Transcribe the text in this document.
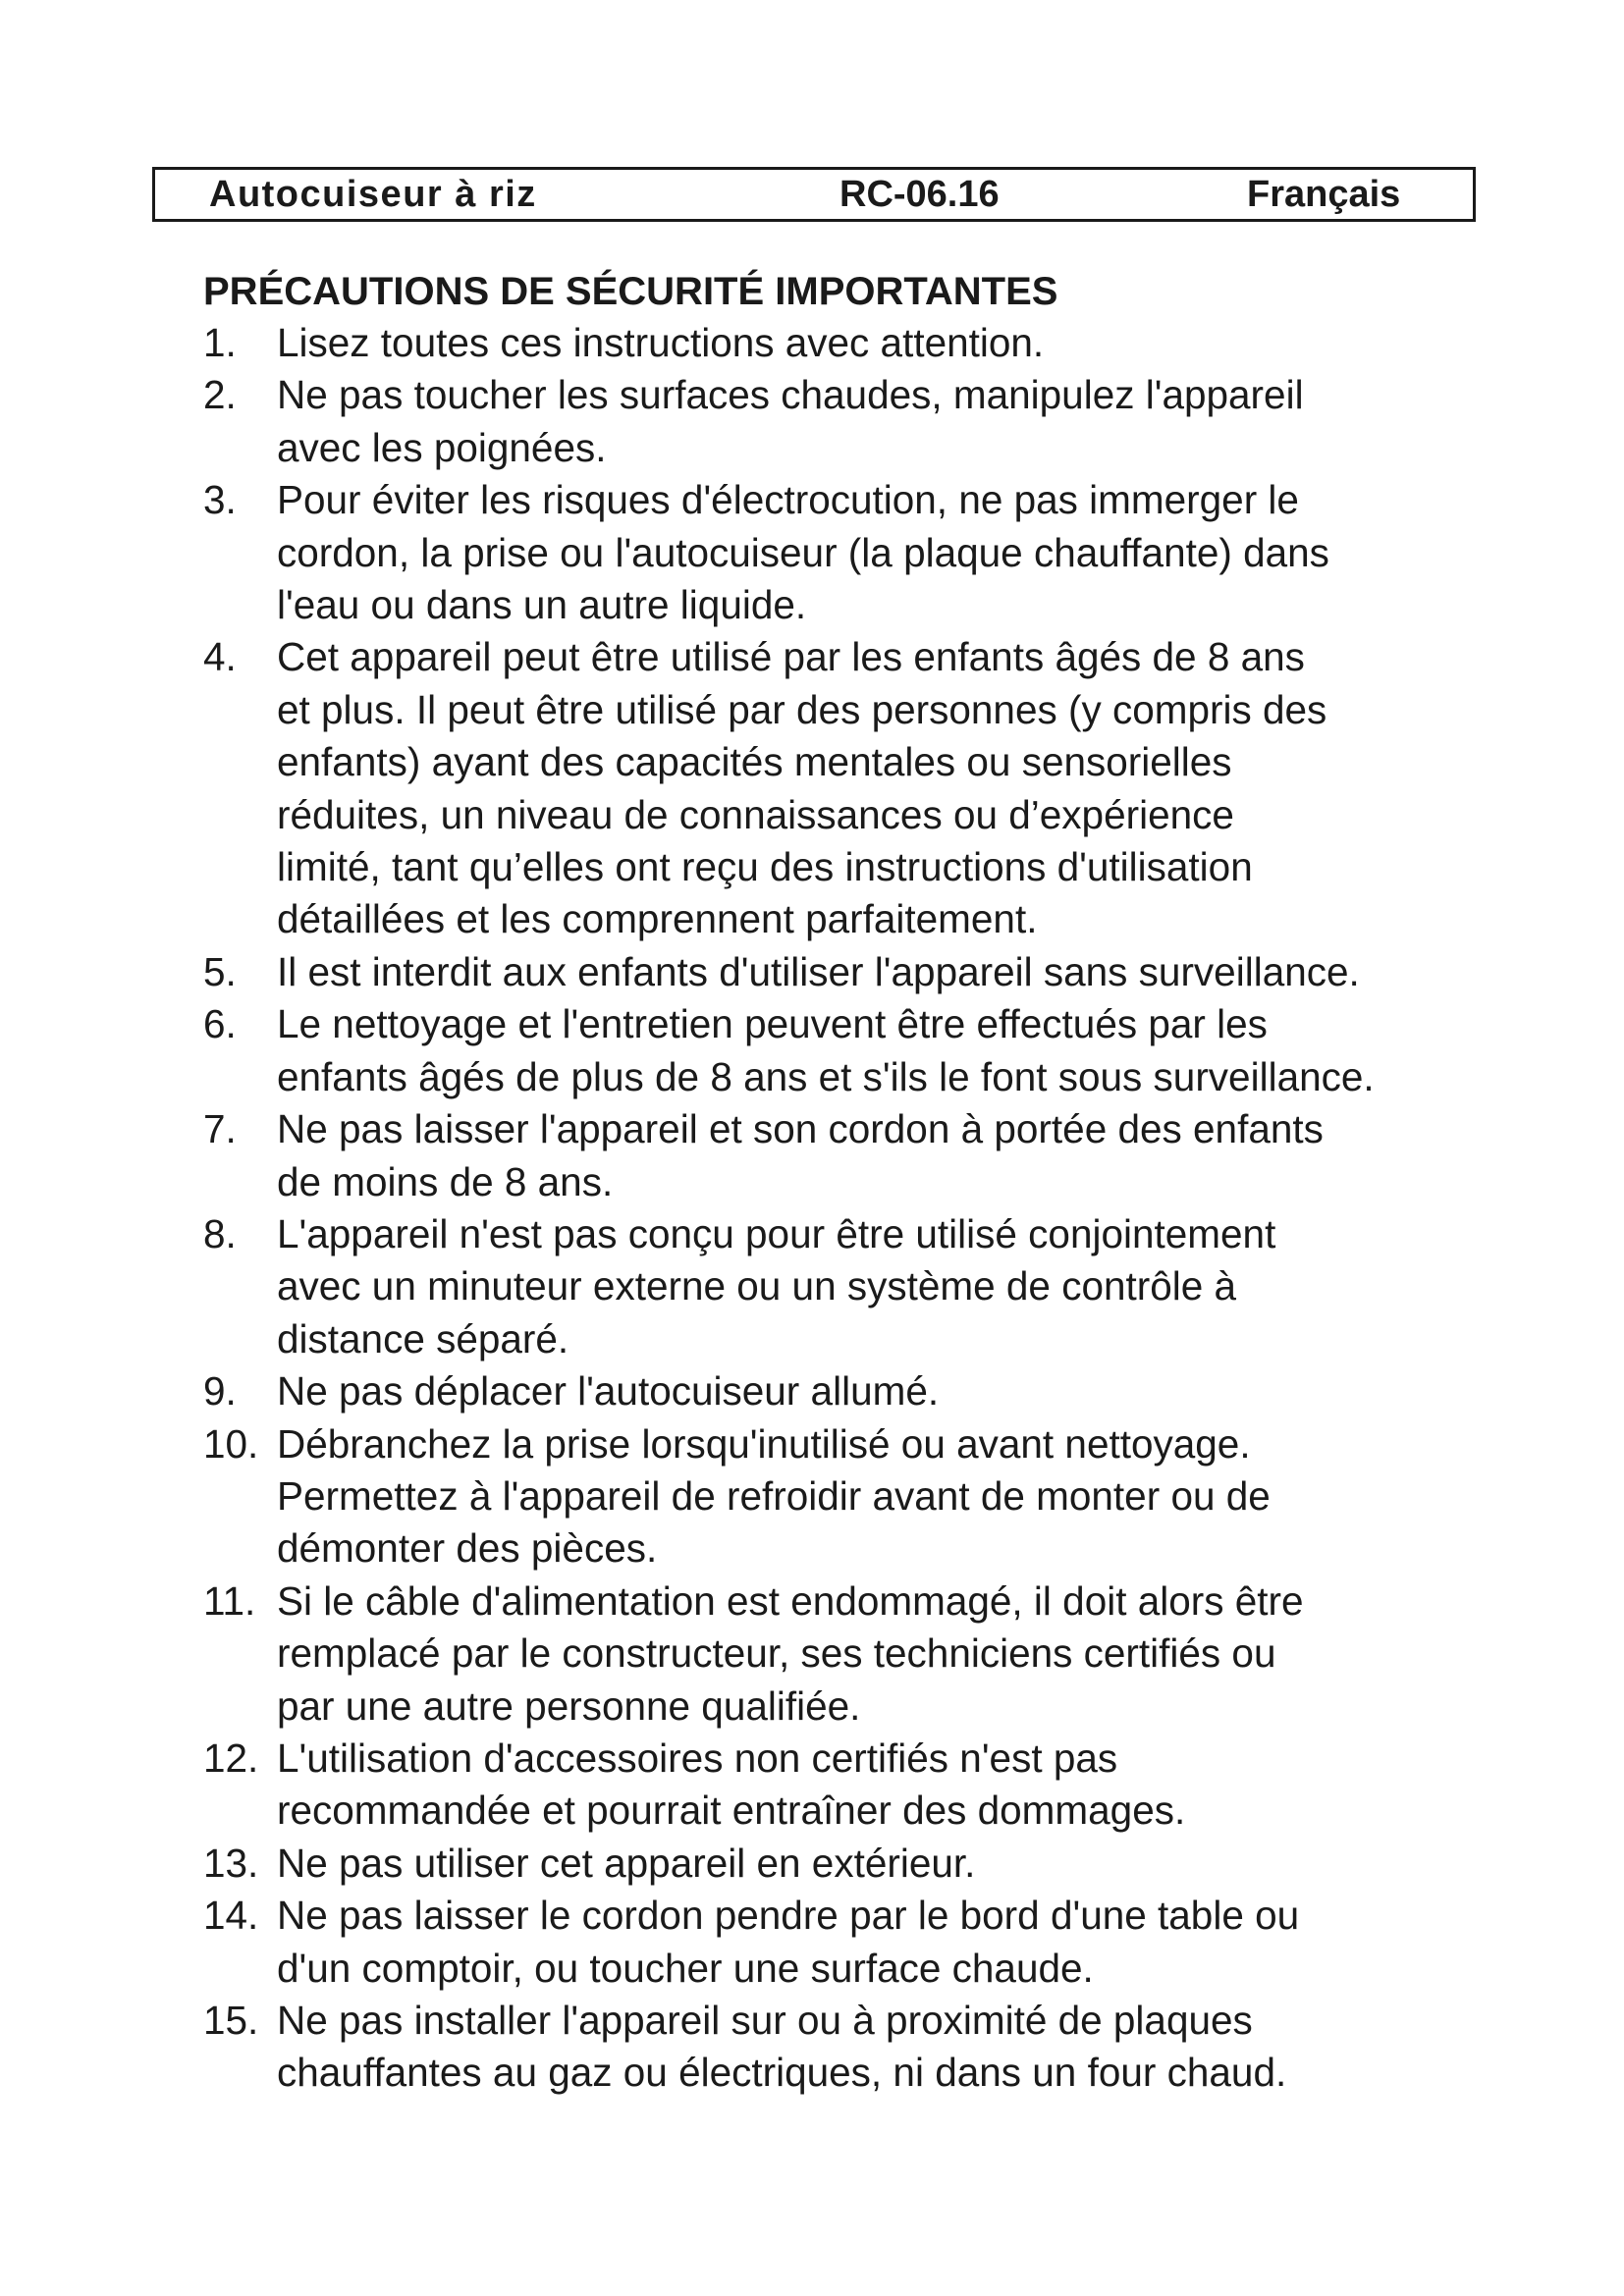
Autocuiseur à riz	RC-06.16	Français
PRÉCAUTIONS DE SÉCURITÉ IMPORTANTES
1.	Lisez toutes ces instructions avec attention.
2.	Ne pas toucher les surfaces chaudes, manipulez l'appareil
avec les poignées.
3.	Pour éviter les risques d'électrocution, ne pas immerger le
cordon, la prise ou l'autocuiseur (la plaque chauffante) dans
l'eau ou dans un autre liquide.
4.	Cet appareil peut être utilisé par les enfants âgés de 8 ans
et plus. Il peut être utilisé par des personnes (y compris des
enfants) ayant des capacités mentales ou sensorielles
réduites, un niveau de connaissances ou d’expérience
limité, tant qu’elles ont reçu des instructions d'utilisation
détaillées et les comprennent parfaitement.
5.	Il est interdit aux enfants d'utiliser l'appareil sans surveillance.
6.	Le nettoyage et l'entretien peuvent être effectués par les
enfants âgés de plus de 8 ans et s'ils le font sous surveillance.
7.	Ne pas laisser l'appareil et son cordon à portée des enfants
de moins de 8 ans.
8.	L'appareil n'est pas conçu pour être utilisé conjointement
avec un minuteur externe ou un système de contrôle à
distance séparé.
9.	Ne pas déplacer l'autocuiseur allumé.
10. Débranchez la prise lorsqu'inutilisé ou avant nettoyage.
Permettez à l'appareil de refroidir avant de monter ou de
démonter des pièces.
11. Si le câble d'alimentation est endommagé, il doit alors être
remplacé par le constructeur, ses techniciens certifiés ou
par une autre personne qualifiée.
12. L'utilisation d'accessoires non certifiés n'est pas
recommandée et pourrait entraîner des dommages.
13. Ne pas utiliser cet appareil en extérieur.
14. Ne pas laisser le cordon pendre par le bord d'une table ou
d'un comptoir, ou toucher une surface chaude.
15. Ne pas installer l'appareil sur ou à proximité de plaques
chauffantes au gaz ou électriques, ni dans un four chaud.
